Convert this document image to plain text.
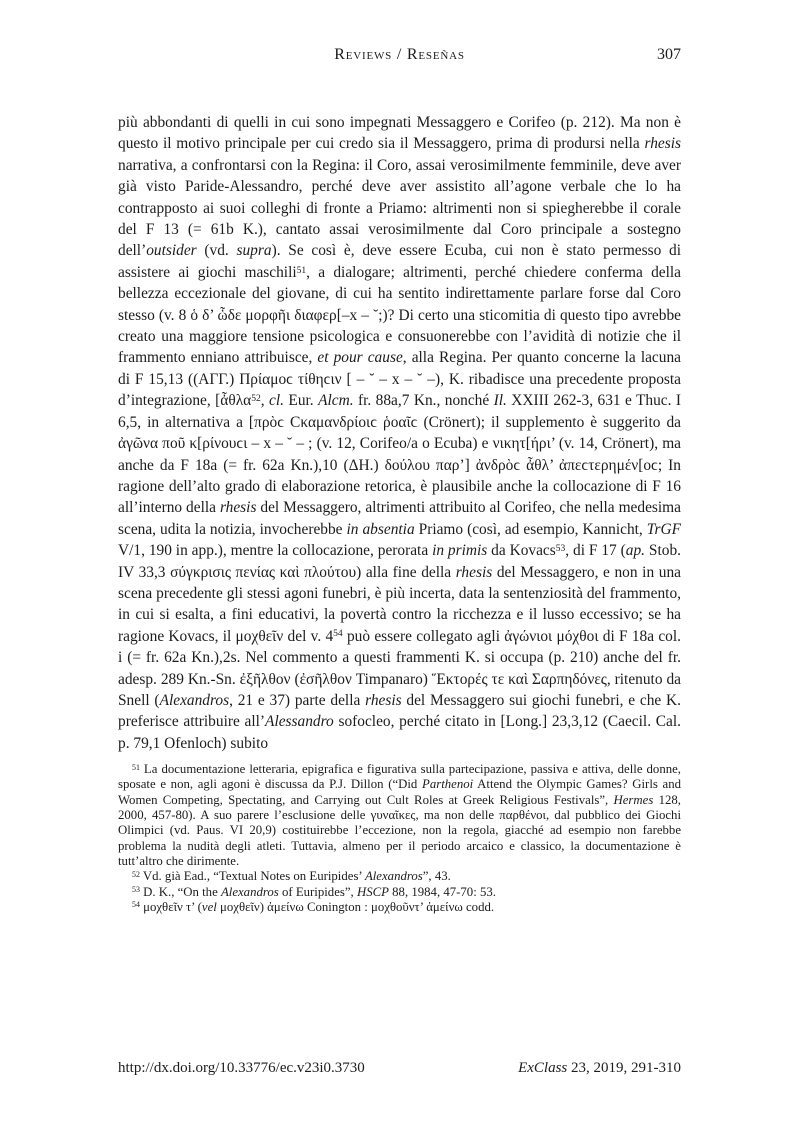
Reviews / Reseñas	307
più abbondanti di quelli in cui sono impegnati Messaggero e Corifeo (p. 212). Ma non è questo il motivo principale per cui credo sia il Messaggero, prima di prodursi nella rhesis narrativa, a confrontarsi con la Regina: il Coro, assai verosimilmente femminile, deve aver già visto Paride-Alessandro, perché deve aver assistito all’agone verbale che lo ha contrapposto ai suoi colleghi di fronte a Priamo: altrimenti non si spiegherebbe il corale del F 13 (= 61b K.), cantato assai verosimilmente dal Coro principale a sostegno dell’outsider (vd. supra). Se così è, deve essere Ecuba, cui non è stato permesso di assistere ai giochi maschili$^{51}$, a dialogare; altrimenti, perché chiedere conferma della bellezza eccezionale del giovane, di cui ha sentito indirettamente parlare forse dal Coro stesso (v. 8 ὁ δ’ ὧδε μορφῆι διαφερ[–x – ˘;)? Di certo una sticomitia di questo tipo avrebbe creato una maggiore tensione psicologica e consuonerebbe con l’avidità di notizie che il frammento enniano attribuisce, et pour cause, alla Regina. Per quanto concerne la lacuna di F 15,13 ((ΑΓΓ.) Πρίαμοϲ τίθηϲιν [ – ˘ – x – ˘ –), K. ribadisce una precedente proposta d’integrazione, [ἆθλα$^{52}$, cl. Eur. Alcm. fr. 88a,7 Kn., nonché Il. XXIII 262-3, 631 e Thuc. I 6,5, in alternativa a [πρὸϲ Ϲκαμανδρίοιϲ ῥοαῖϲ (Crönert); il supplemento è suggerito da ἀγῶνα ποῦ κ[ρίνουϲι – x – ˘ – ; (v. 12, Corifeo/a o Ecuba) e νικητ[ήρι’ (v. 14, Crönert), ma anche da F 18a (= fr. 62a Kn.),10 (ΔΗ.) δούλου παρ’] ἀνδρὸϲ ἆθλ’ ἀπεϲτερημέν[οϲ; In ragione dell’alto grado di elaborazione retorica, è plausibile anche la collocazione di F 16 all’interno della rhesis del Messaggero, altrimenti attribuito al Corifeo, che nella medesima scena, udita la notizia, invocherebbe in absentia Priamo (così, ad esempio, Kannicht, TrGF V/1, 190 in app.), mentre la collocazione, perorata in primis da Kovacs$^{53}$, di F 17 (ap. Stob. IV 33,3 σύγκρισις πενίας καὶ πλούτου) alla fine della rhesis del Messaggero, e non in una scena precedente gli stessi agoni funebri, è più incerta, data la sentenziosità del frammento, in cui si esalta, a fini educativi, la povertà contro la ricchezza e il lusso eccessivo; se ha ragione Kovacs, il μοχθεῖν del v. $4^{54}$ può essere collegato agli ἀγώνιοι μόχθοι di F 18a col. i (= fr. 62a Kn.),2s. Nel commento a questi frammenti K. si occupa (p. 210) anche del fr. adesp. 289 Kn.-Sn. ἐξῆλθον (ἐσῆλθον Timpanaro) Ἕκτορές τε καὶ Σαρπηδόνες, ritenuto da Snell (Alexandros, 21 e 37) parte della rhesis del Messaggero sui giochi funebri, e che K. preferisce attribuire all’Alessandro sofocleo, perché citato in [Long.] 23,3,12 (Caecil. Cal. p. 79,1 Ofenloch) subito
$^{51}$ La documentazione letteraria, epigrafica e figurativa sulla partecipazione, passiva e attiva, delle donne, sposate e non, agli agoni è discussa da P.J. Dillon (“Did Parthenoi Attend the Olympic Games? Girls and Women Competing, Spectating, and Carrying out Cult Roles at Greek Religious Festivals”, Hermes 128, 2000, 457-80). A suo parere l’esclusione delle γυναῖκες, ma non delle παρθένοι, dal pubblico dei Giochi Olimpici (vd. Paus. VI 20,9) costituirebbe l’eccezione, non la regola, giacché ad esempio non farebbe problema la nudità degli atleti. Tuttavia, almeno per il periodo arcaico e classico, la documentazione è tutt’altro che dirimente.
$^{52}$ Vd. già Ead., “Textual Notes on Euripides’ Alexandros”, 43.
$^{53}$ D. K., “On the Alexandros of Euripides”, HSCP 88, 1984, 47-70: 53.
$^{54}$ μοχθεῖν τ’ (vel μοχθεῖν) ἀμείνω Conington : μοχθοῦντ’ ἀμείνω codd.
http://dx.doi.org/10.33776/ec.v23i0.3730	ExClass 23, 2019, 291-310
